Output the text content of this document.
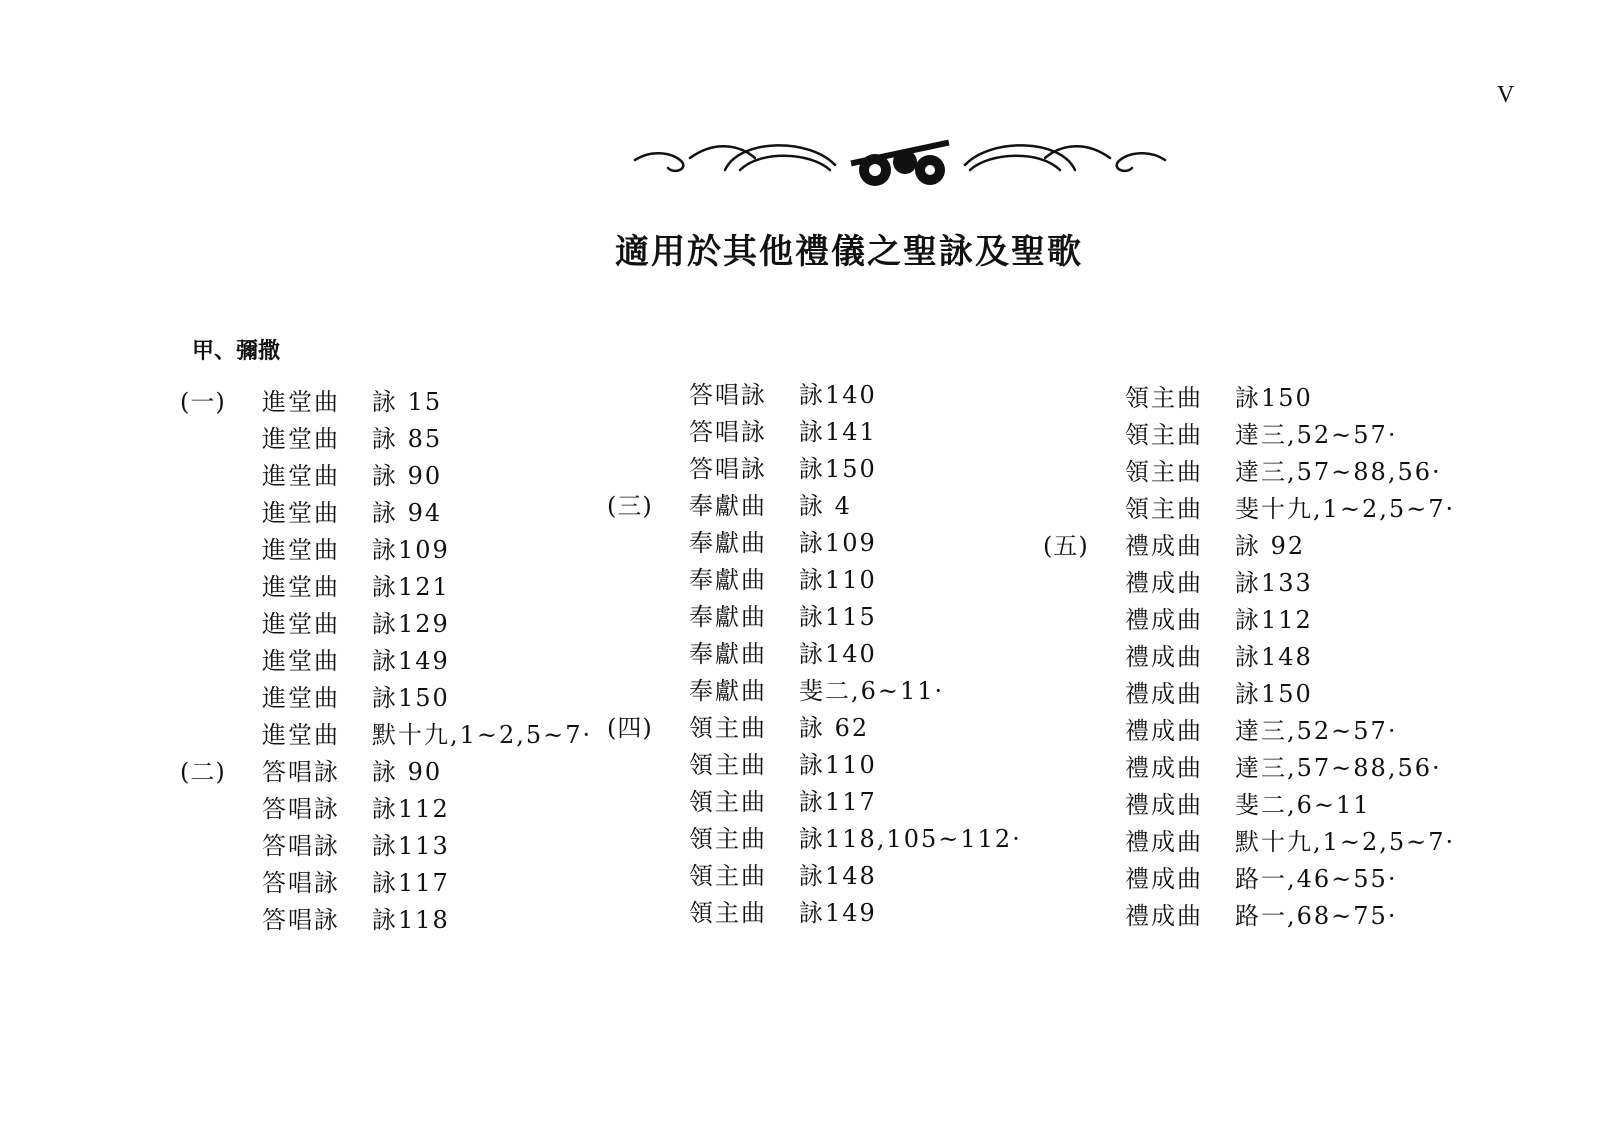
V
適用於其他禮儀之聖詠及聖歌
甲、彌撒
(一)	進堂曲	詠 15
進堂曲	詠 85
進堂曲	詠 90
進堂曲	詠 94
進堂曲	詠109
進堂曲	詠121
進堂曲	詠129
進堂曲	詠149
進堂曲	詠150
進堂曲	默十九,1~2,5~7·
(二)	答唱詠	詠 90
答唱詠	詠112
答唱詠	詠113
答唱詠	詠117
答唱詠	詠118
答唱詠	詠140
答唱詠	詠141
答唱詠	詠150
(三)	奉獻曲	詠 4
奉獻曲	詠109
奉獻曲	詠110
奉獻曲	詠115
奉獻曲	詠140
奉獻曲	斐二,6~11·
(四)	領主曲	詠 62
領主曲	詠110
領主曲	詠117
領主曲	詠118,105~112·
領主曲	詠148
領主曲	詠149
領主曲	詠150
領主曲	達三,52~57·
領主曲	達三,57~88,56·
領主曲	斐十九,1~2,5~7·
(五)	禮成曲	詠 92
禮成曲	詠133
禮成曲	詠112
禮成曲	詠148
禮成曲	詠150
禮成曲	達三,52~57·
禮成曲	達三,57~88,56·
禮成曲	斐二,6~11
禮成曲	默十九,1~2,5~7·
禮成曲	路一,46~55·
禮成曲	路一,68~75·
